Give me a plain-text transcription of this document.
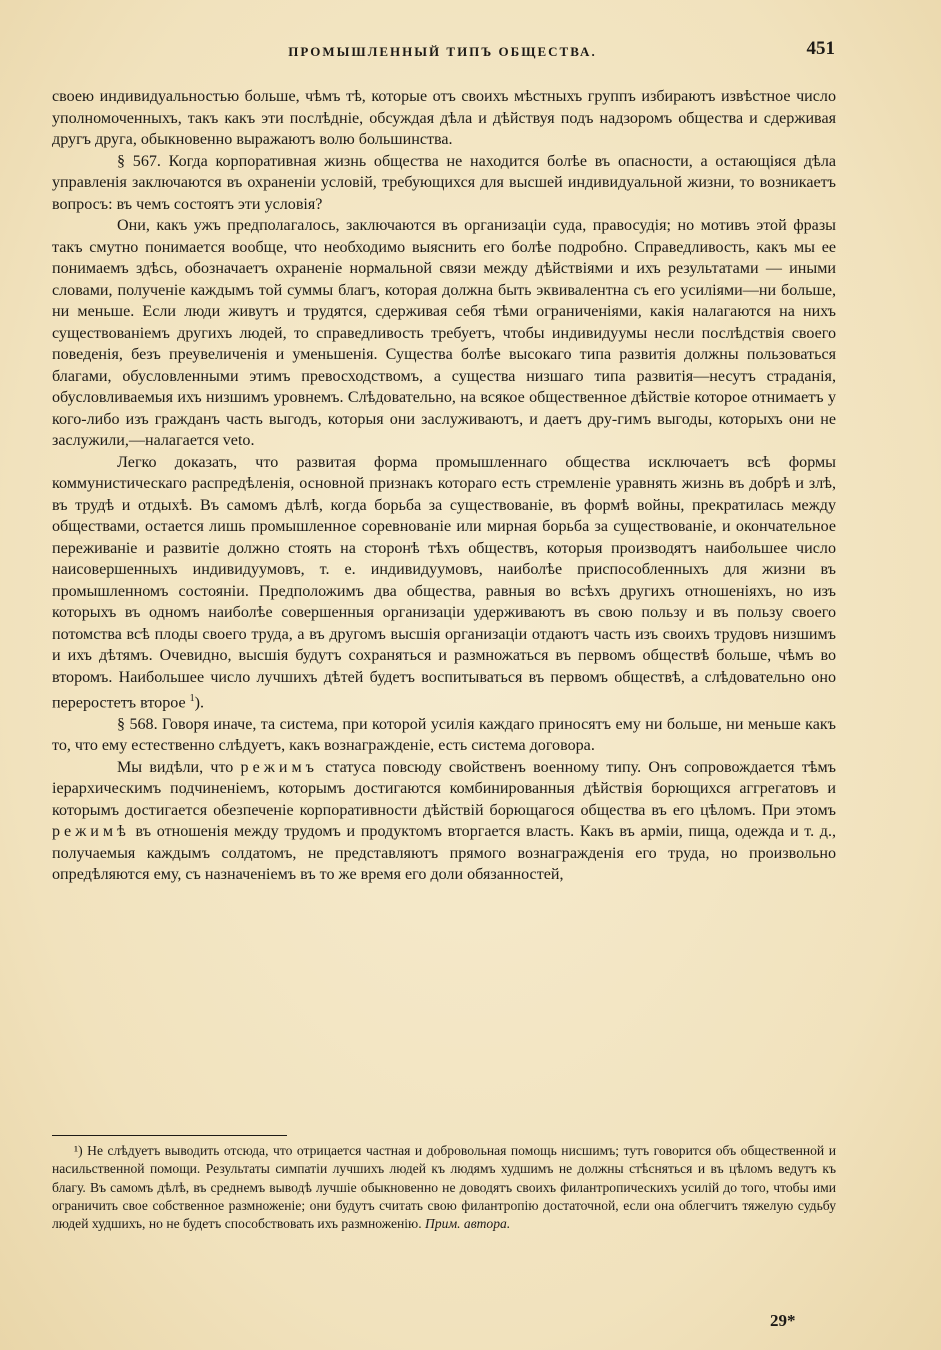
ПРОМЫШЛЕННЫЙ ТИПЪ ОБЩЕСТВА.	451

своею индивидуальностью больше, чѣмъ тѣ, которые отъ своихъ мѣстныхъ группъ избираютъ извѣстное число уполномоченныхъ, такъ какъ эти послѣдніе, обсуждая дѣла и дѣйствуя подъ надзоромъ общества и сдерживая другъ друга, обыкновенно выражаютъ волю большинства.

§ 567. Когда корпоративная жизнь общества не находится болѣе въ опасности, а остающіяся дѣла управленія заключаются въ охраненіи условій, требующихся для высшей индивидуальной жизни, то возникаетъ вопросъ: въ чемъ состоятъ эти условія?

Они, какъ ужъ предполагалось, заключаются въ организаціи суда, правосудія; но мотивъ этой фразы такъ смутно понимается вообще, что необходимо выяснить его болѣе подробно. Справедливость, какъ мы ее понимаемъ здѣсь, обозначаетъ охраненіе нормальной связи между дѣйствіями и ихъ результатами — иными словами, полученіе каждымъ той суммы благъ, которая должна быть эквивалентна съ его усиліями—ни больше, ни меньше. Если люди живутъ и трудятся, сдерживая себя тѣми ограниченіями, какія налагаются на нихъ существованіемъ другихъ людей, то справедливость требуетъ, чтобы индивидуумы несли послѣдствія своего поведенія, безъ преувеличенія и уменьшенія. Существа болѣе высокаго типа развитія должны пользоваться благами, обусловленными этимъ превосходствомъ, а существа низшаго типа развитія—несутъ страданія, обусловливаемыя ихъ низшимъ уровнемъ. Слѣдовательно, на всякое общественное дѣйствіе которое отнимаетъ у кого-либо изъ гражданъ часть выгодъ, которыя они заслуживаютъ, и даетъ дру-гимъ выгоды, которыхъ они не заслужили,—налагается veto.

Легко доказать, что развитая форма промышленнаго общества исключаетъ всѣ формы коммунистическаго распредѣленія, основной признакъ котораго есть стремленіе уравнять жизнь въ добрѣ и злѣ, въ трудѣ и отдыхѣ. Въ самомъ дѣлѣ, когда борьба за существованіе, въ формѣ войны, прекратилась между обществами, остается лишь промышленное соревнованіе или мирная борьба за существованіе, и окончательное переживаніе и развитіе должно стоять на сторонѣ тѣхъ обществъ, которыя производятъ наибольшее число наисовершенныхъ индивидуумовъ, т. е. индивидуумовъ, наиболѣе приспособленныхъ для жизни въ промышленномъ состояніи. Предположимъ два общества, равныя во всѣхъ другихъ отношеніяхъ, но изъ которыхъ въ одномъ наиболѣе совершенныя организаціи удерживаютъ въ свою пользу и въ пользу своего потомства всѣ плоды своего труда, а въ другомъ высшія организаціи отдаютъ часть изъ своихъ трудовъ низшимъ и ихъ дѣтямъ. Очевидно, высшія будутъ сохраняться и размножаться въ первомъ обществѣ больше, чѣмъ во второмъ. Наибольшее число лучшихъ дѣтей будетъ воспитываться въ первомъ обществѣ, а слѣдовательно оно переростетъ второе $^1$).

§ 568. Говоря иначе, та система, при которой усилія каждаго приносятъ ему ни больше, ни меньше какъ то, что ему естественно слѣдуетъ, какъ вознагражденіе, есть система договора.

Мы видѣли, что режимъ статуса повсюду свойственъ военному типу. Онъ сопровождается тѣмъ іерархическимъ подчиненіемъ, которымъ достигаются комбинированныя дѣйствія борющихся аггрегатовъ и которымъ достигается обезпеченіе корпоративности дѣйствій борющагося общества въ его цѣломъ. При этомъ режимѣ въ отношенія между трудомъ и продуктомъ вторгается власть. Какъ въ арміи, пища, одежда и т. д., получаемыя каждымъ солдатомъ, не представляютъ прямого вознагражденія его труда, но произвольно опредѣляются ему, съ назначеніемъ въ то же время его доли обязанностей,

¹) Не слѣдуетъ выводить отсюда, что отрицается частная и добровольная помощь нисшимъ; тутъ говорится объ общественной и насильственной помощи. Результаты симпатіи лучшихъ людей къ людямъ худшимъ не должны стѣсняться и въ цѣломъ ведутъ къ благу. Въ самомъ дѣлѣ, въ среднемъ выводѣ лучшіе обыкновенно не доводятъ своихъ филантропическихъ усилій до того, чтобы ими ограничить свое собственное размноженіе; они будутъ считать свою филантропію достаточной, если она облегчитъ тяжелую судьбу людей худшихъ, но не будетъ способствовать ихъ размноженію. Прим. автора.

29*
